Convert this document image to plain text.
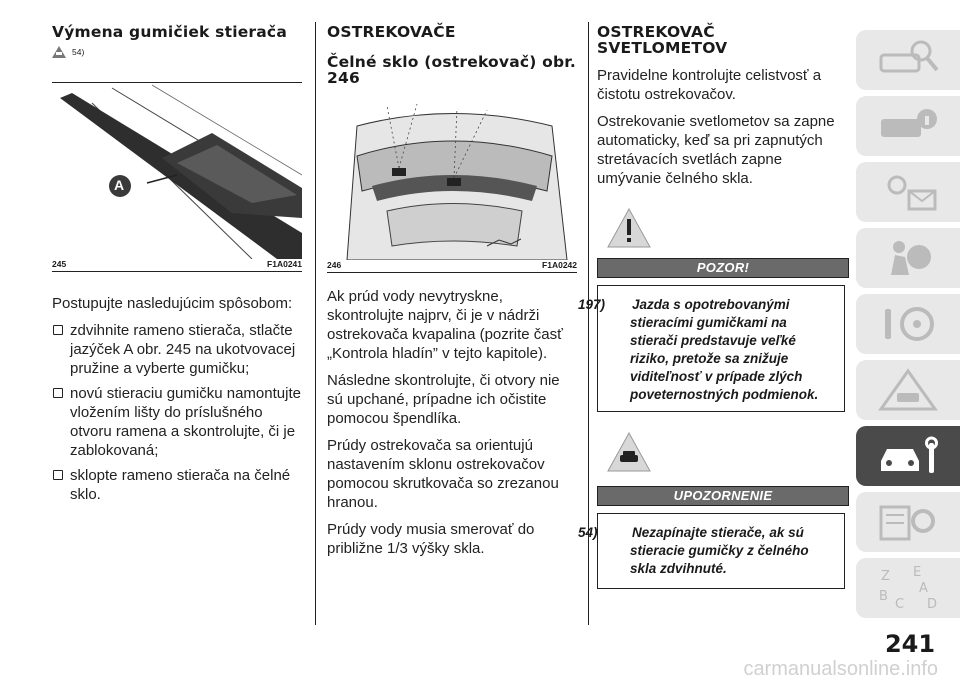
Výmena gumičiek stierača
54)
A
245	F1A0241

Postupujte nasledujúcim spôsobom:

zdvihnite rameno stierača, stlačte jazýček A obr. 245 na ukotvovacej pružine a vyberte gumičku;
novú stieraciu gumičku namontujte vložením lišty do príslušného otvoru ramena a skontrolujte, či je zablokovaná;
sklopte rameno stierača na čelné sklo.
OSTREKOVAČE
Čelné sklo (ostrekovač) obr. 246
246	F1A0242

Ak prúd vody nevytryskne, skontrolujte najprv, či je v nádrži ostrekovača kvapalina (pozrite časť „Kontrola hladín” v tejto kapitole).

Následne skontrolujte, či otvory nie sú upchané, prípadne ich očistite pomocou špendlíka.

Prúdy ostrekovača sa orientujú nastavením sklonu ostrekovačov pomocou skrutkovača so zrezanou hranou.

Prúdy vody musia smerovať do približne 1/3 výšky skla.

OSTREKOVAČ SVETLOMETOV

Pravidelne kontrolujte celistvosť a čistotu ostrekovačov.

Ostrekovanie svetlometov sa zapne automaticky, keď sa pri zapnutých stretávacích svetlách zapne umývanie čelného skla.

POZOR!

197) Jazda s opotrebovanými stieracími gumičkami na stierači predstavuje veľké riziko, pretože sa znižuje viditeľnosť v prípade zlých poveternostných podmienok.

UPOZORNENIE

54)	Nezapínajte stierače, ak sú stieracie gumičky z čelného skla zdvihnuté.

Z E
A
B
C D
241
carmanualsonline.info
